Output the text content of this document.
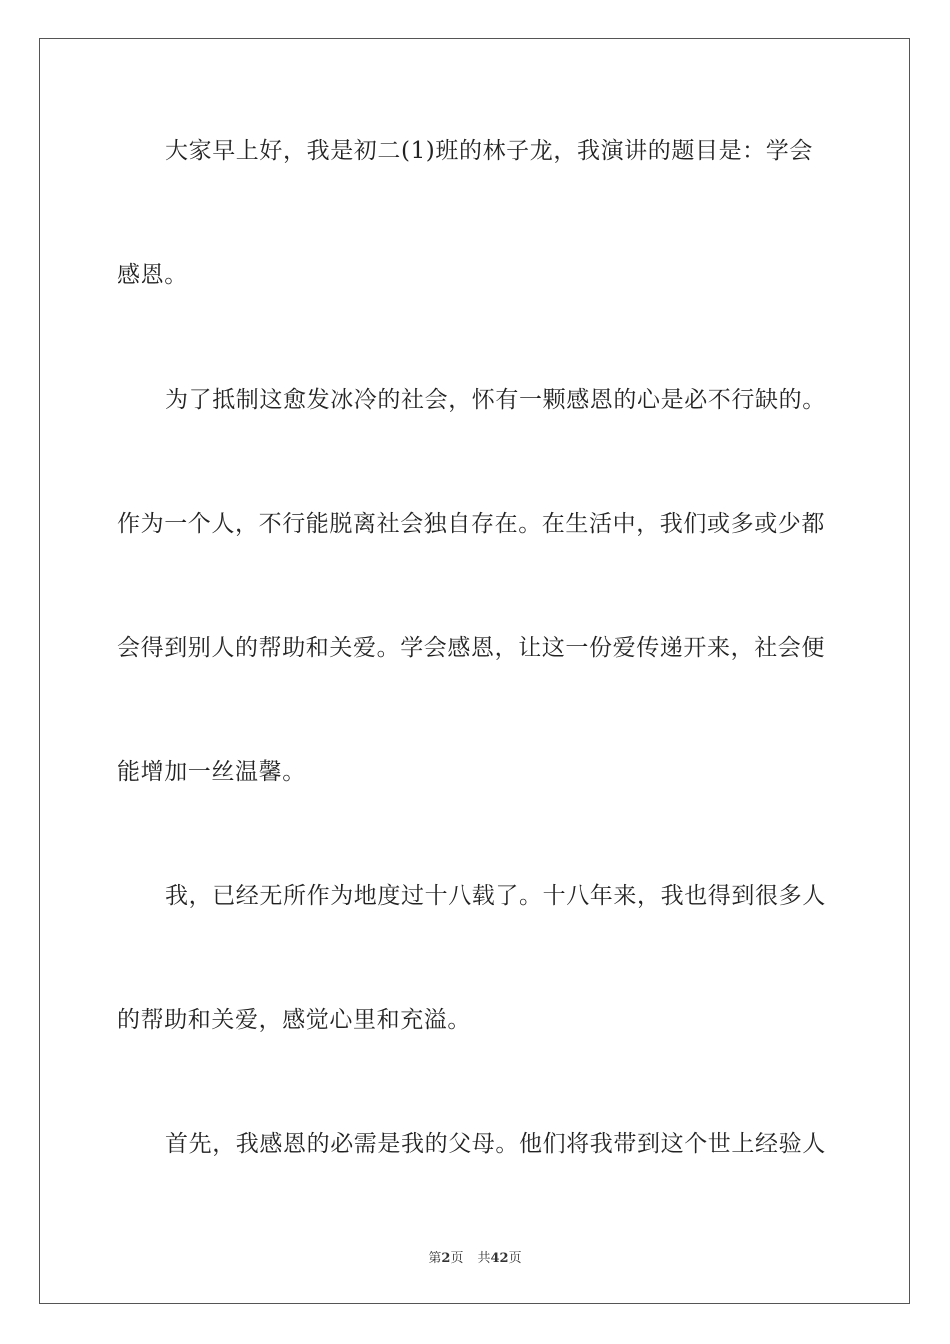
大家早上好，我是初二(1)班的林子龙，我演讲的题目是：学会
感恩。
为了抵制这愈发冰冷的社会，怀有一颗感恩的心是必不行缺的。
作为一个人，不行能脱离社会独自存在。在生活中，我们或多或少都
会得到别人的帮助和关爱。学会感恩，让这一份爱传递开来，社会便
能增加一丝温馨。
我，已经无所作为地度过十八载了。十八年来，我也得到很多人
的帮助和关爱，感觉心里和充溢。
首先，我感恩的必需是我的父母。他们将我带到这个世上经验人
第2页 共42页
